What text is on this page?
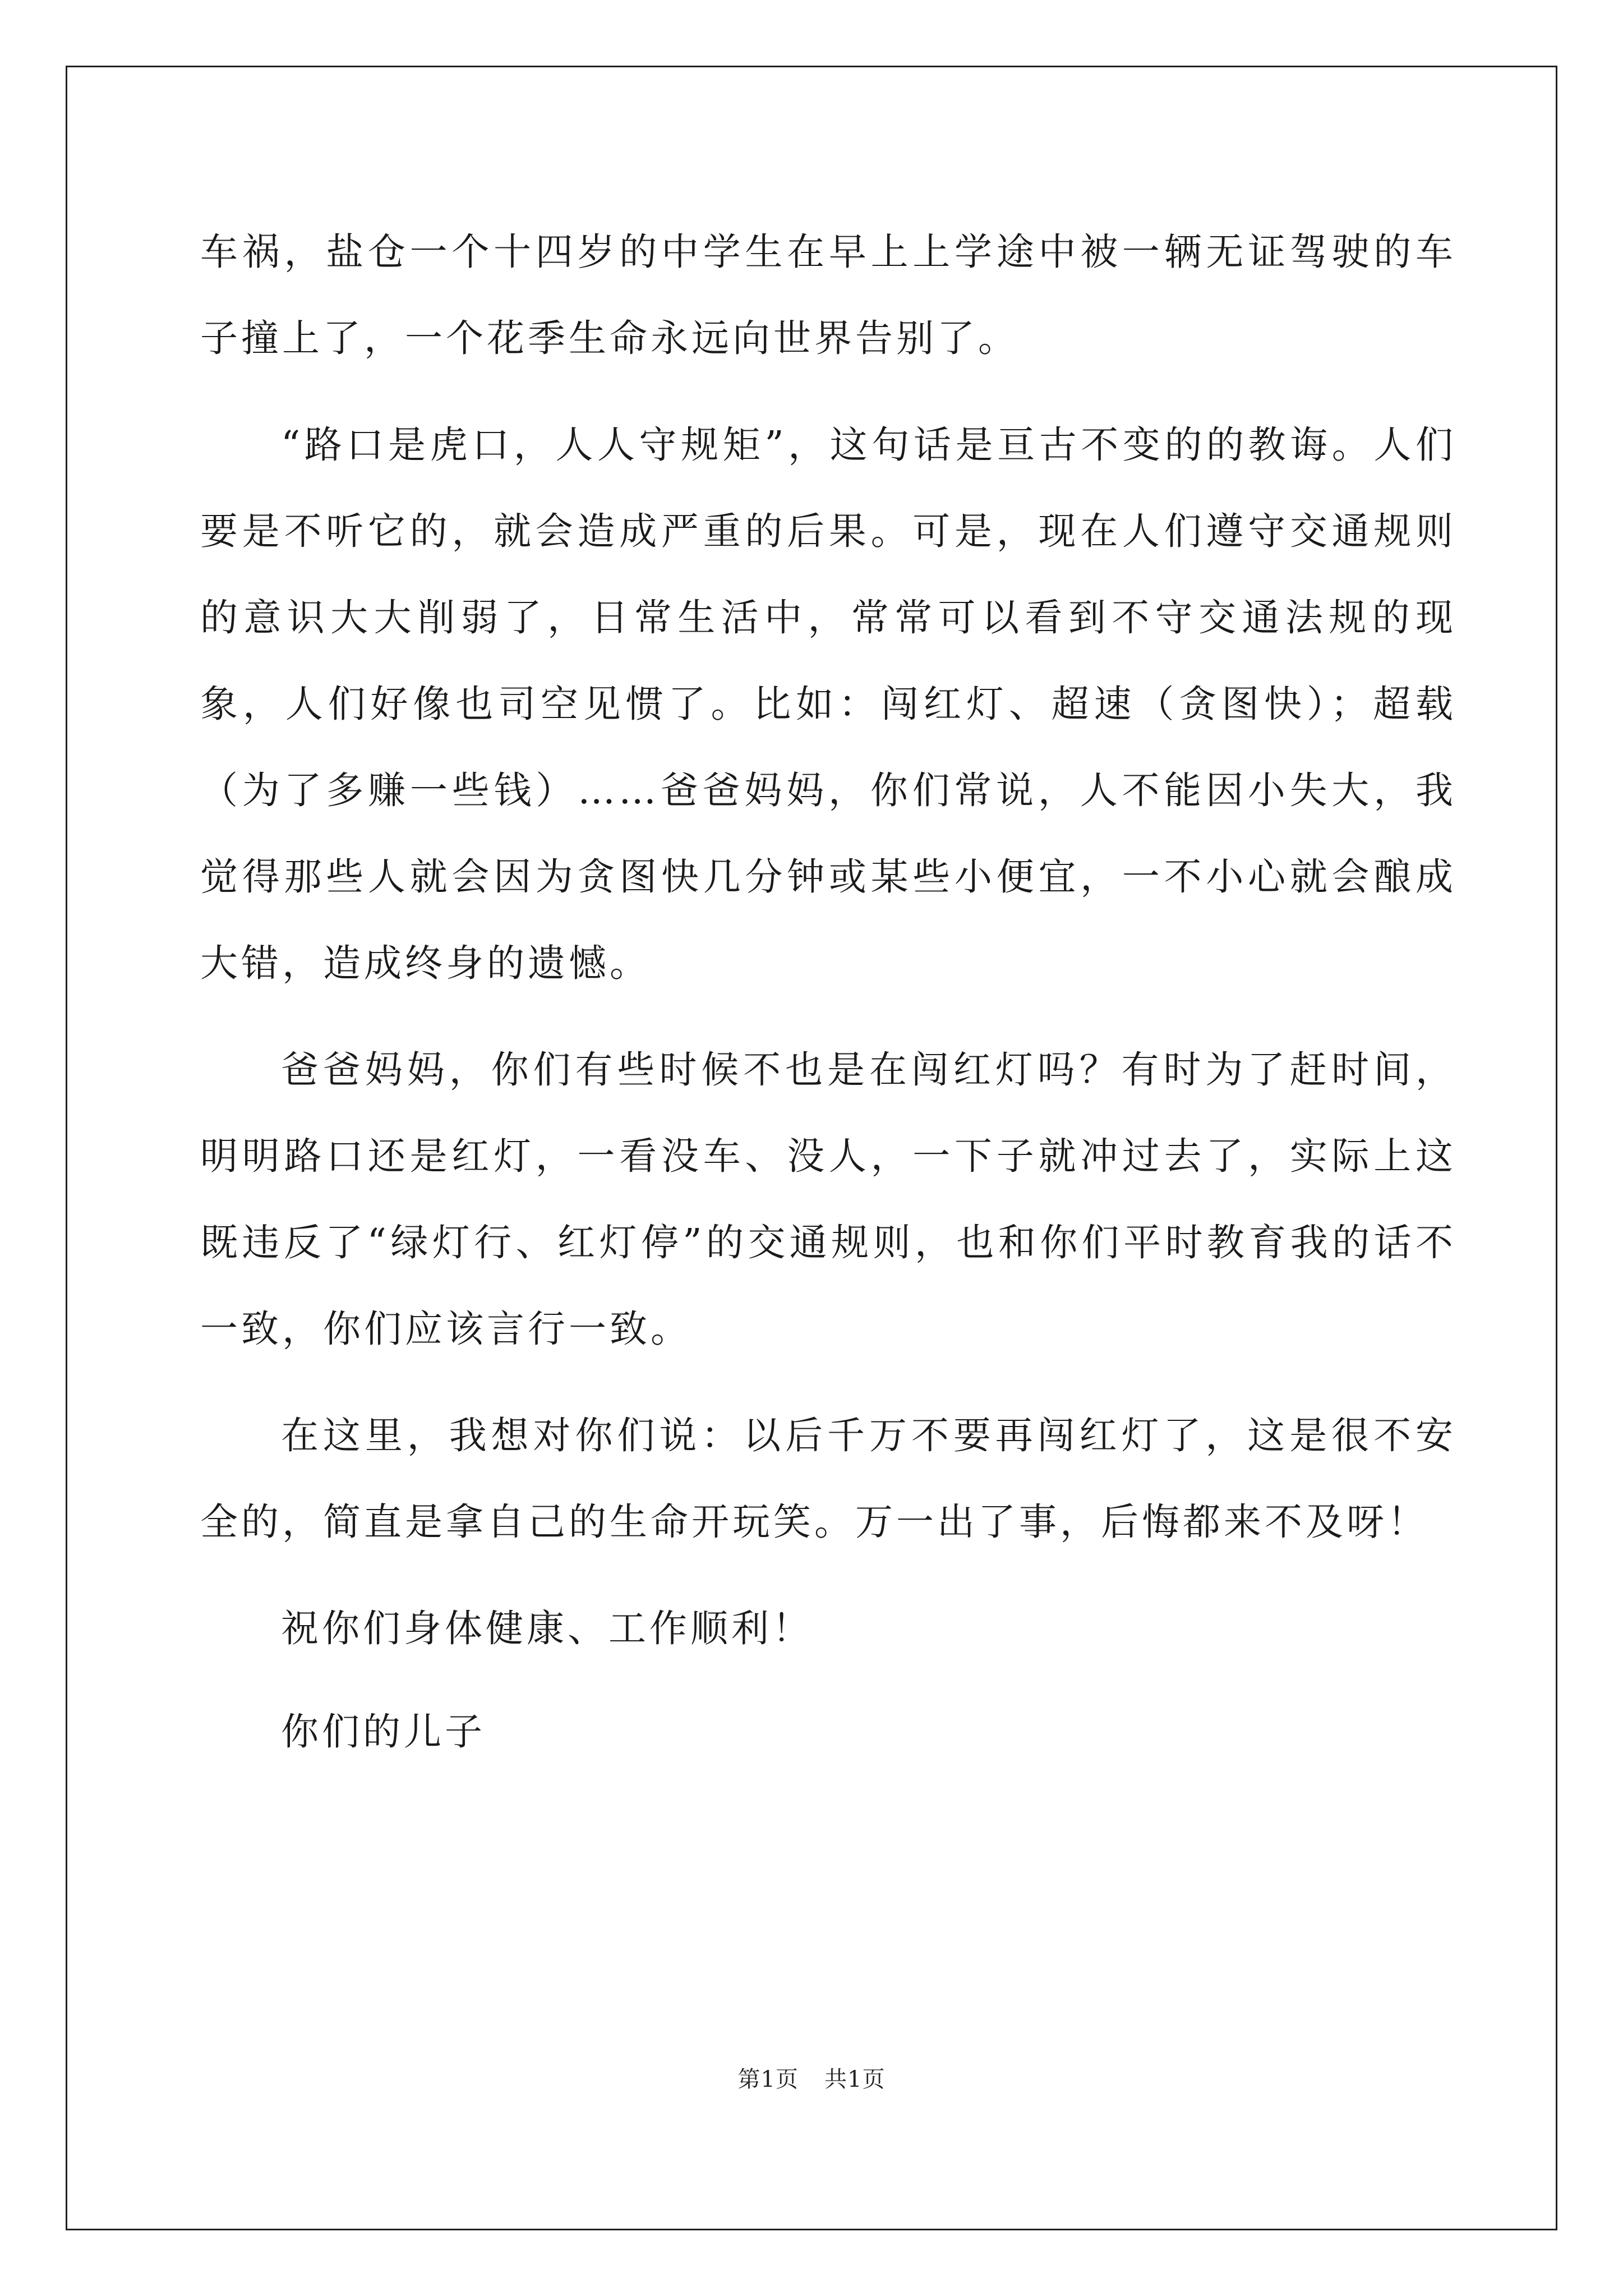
车祸，盐仓一个十四岁的中学生在早上上学途中被一辆无证驾驶的车子撞上了，一个花季生命永远向世界告别了。

“路口是虎口，人人守规矩”，这句话是亘古不变的的教诲。人们要是不听它的，就会造成严重的后果。可是，现在人们遵守交通规则的意识大大削弱了，日常生活中，常常可以看到不守交通法规的现象，人们好像也司空见惯了。比如：闯红灯、超速（贪图快）；超载（为了多赚一些钱）……爸爸妈妈，你们常说，人不能因小失大，我觉得那些人就会因为贪图快几分钟或某些小便宜，一不小心就会酿成大错，造成终身的遗憾。

爸爸妈妈，你们有些时候不也是在闯红灯吗？有时为了赶时间，明明路口还是红灯，一看没车、没人，一下子就冲过去了，实际上这既违反了“绿灯行、红灯停”的交通规则，也和你们平时教育我的话不一致，你们应该言行一致。

在这里，我想对你们说：以后千万不要再闯红灯了，这是很不安全的，简直是拿自己的生命开玩笑。万一出了事，后悔都来不及呀！

祝你们身体健康、工作顺利！

你们的儿子

第1页 共1页
